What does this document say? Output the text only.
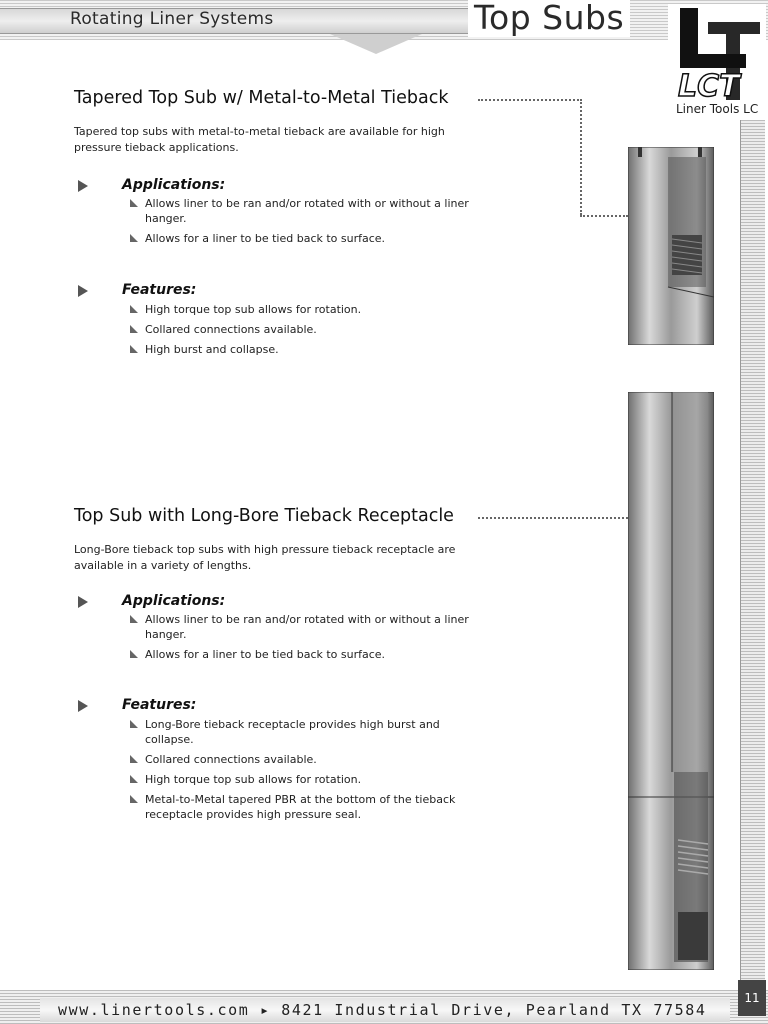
Rotating Liner Systems	Top Subs
LCT
Liner Tools LC
Tapered Top Sub w/ Metal-to-Metal Tieback
Tapered top subs with metal-to-metal tieback are available for high pressure tieback applications.
Applications:
Allows liner to be ran and/or rotated with or without a liner hanger.
Allows for a liner to be tied back to surface.
Features:
High torque top sub allows for rotation.
Collared connections available.
High burst and collapse.
Top Sub with Long-Bore Tieback Receptacle
Long-Bore tieback top subs with high pressure tieback receptacle are available in a variety of lengths.
Applications:
Allows liner to be ran and/or rotated with or without a liner hanger.
Allows for a liner to be tied back to surface.
Features:
Long-Bore tieback receptacle provides high burst and collapse.
Collared connections available.
High torque top sub allows for rotation.
Metal-to-Metal tapered PBR at the bottom of the tieback receptacle provides high pressure seal.
www.linertools.com ▸ 8421 Industrial Drive, Pearland TX 77584
11
